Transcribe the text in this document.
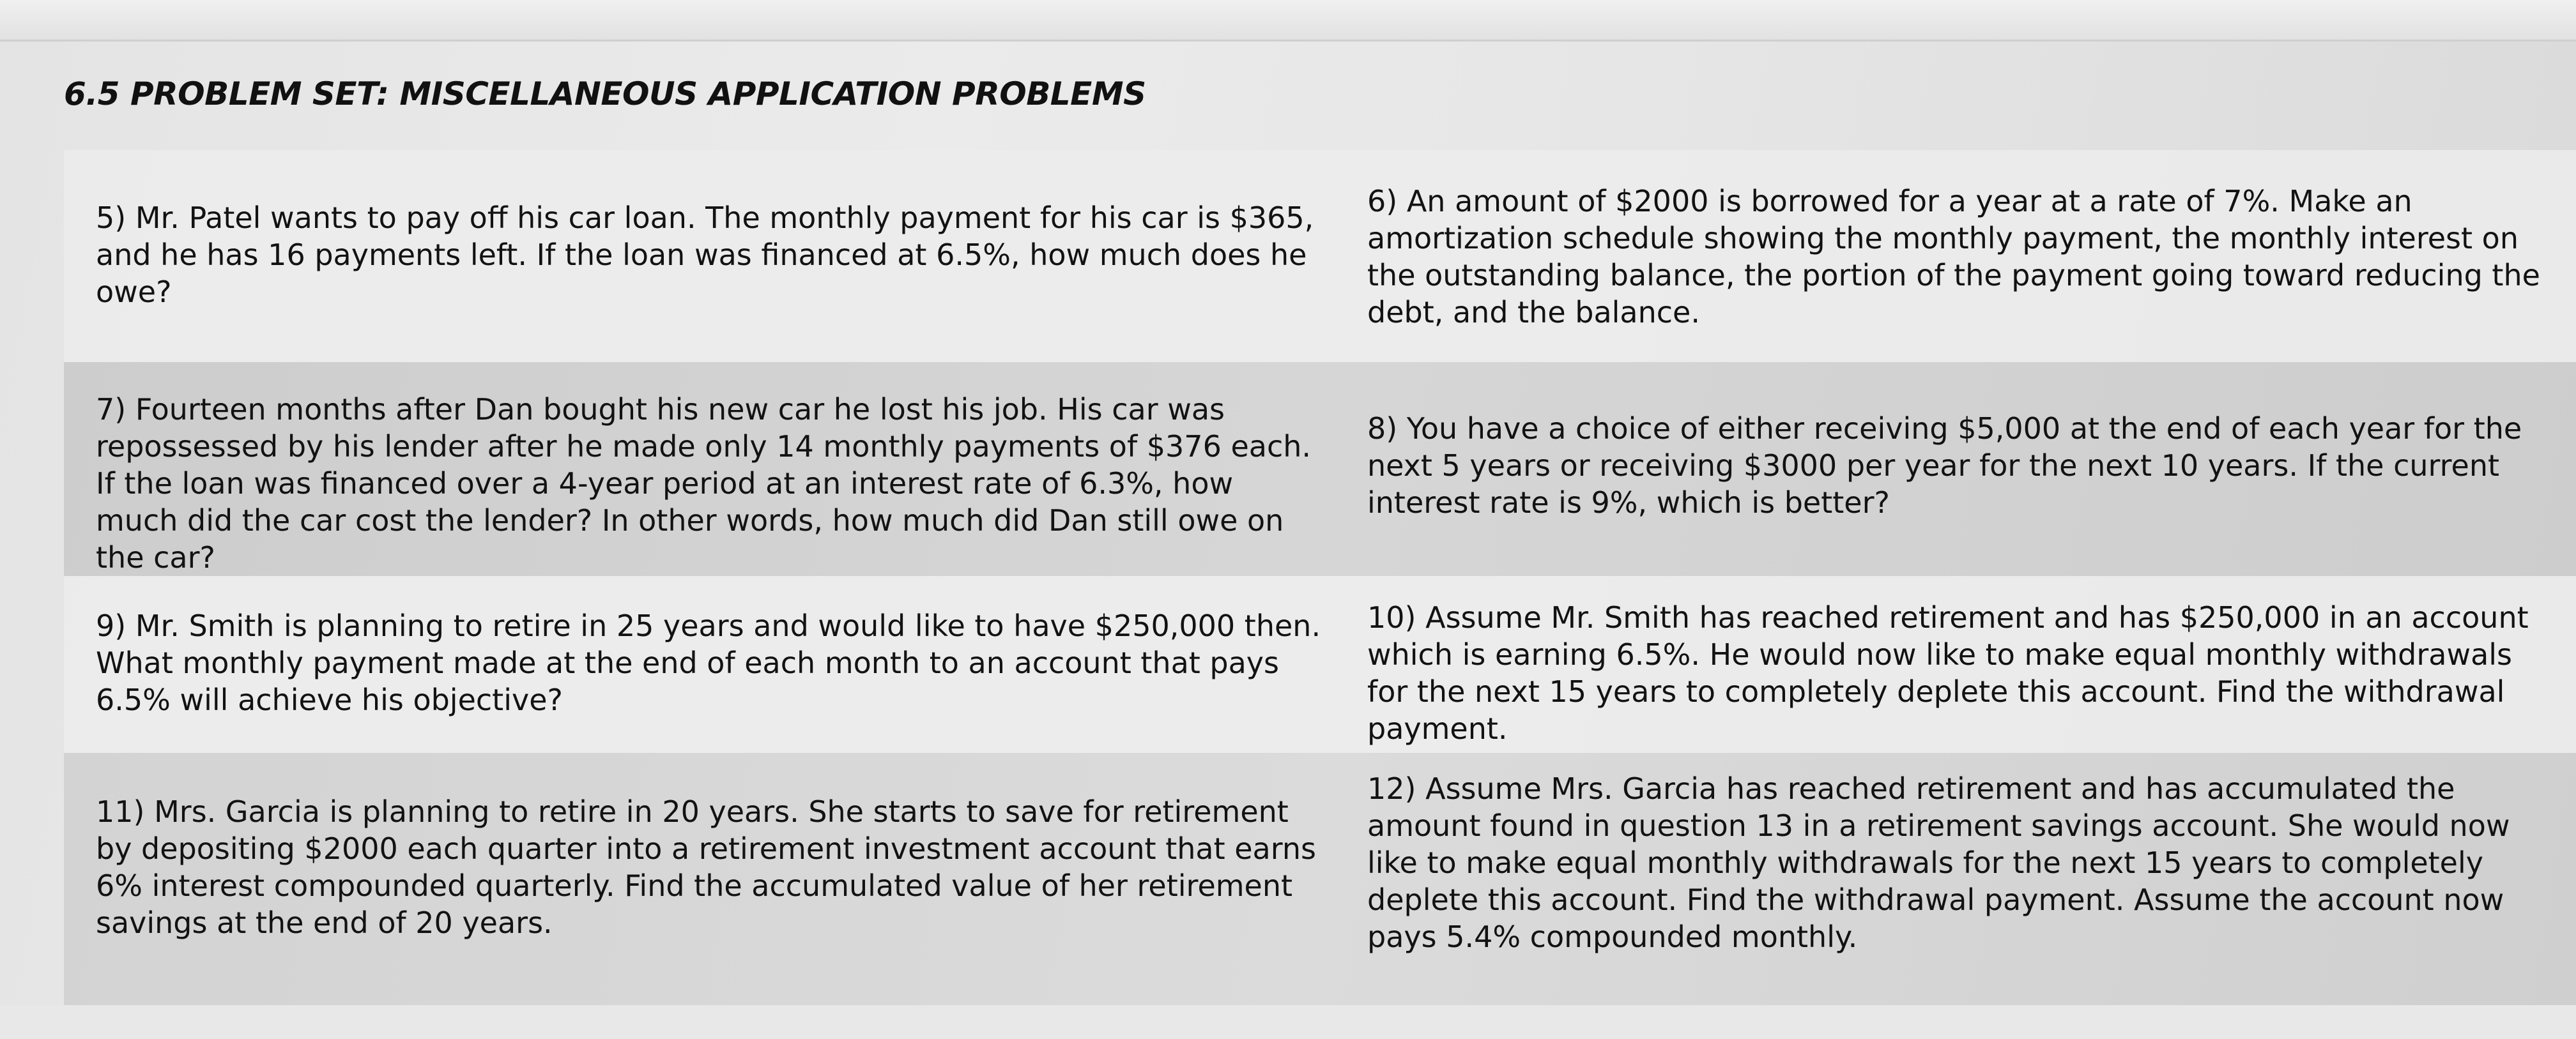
6.5 PROBLEM SET: MISCELLANEOUS APPLICATION PROBLEMS
5) Mr. Patel wants to pay off his car loan. The monthly payment for his car is $365, and he has 16 payments left. If the loan was financed at 6.5%, how much does he owe?
6) An amount of $2000 is borrowed for a year at a rate of 7%. Make an amortization schedule showing the monthly payment, the monthly interest on the outstanding balance, the portion of the payment going toward reducing the debt, and the balance.
7) Fourteen months after Dan bought his new car he lost his job. His car was repossessed by his lender after he made only 14 monthly payments of $376 each. If the loan was financed over a 4-year period at an interest rate of 6.3%, how much did the car cost the lender? In other words, how much did Dan still owe on the car?
8) You have a choice of either receiving $5,000 at the end of each year for the next 5 years or receiving $3000 per year for the next 10 years. If the current interest rate is 9%, which is better?
9) Mr. Smith is planning to retire in 25 years and would like to have $250,000 then. What monthly payment made at the end of each month to an account that pays 6.5% will achieve his objective?
10) Assume Mr. Smith has reached retirement and has $250,000 in an account which is earning 6.5%. He would now like to make equal monthly withdrawals for the next 15 years to completely deplete this account. Find the withdrawal payment.
11) Mrs. Garcia is planning to retire in 20 years. She starts to save for retirement by depositing $2000 each quarter into a retirement investment account that earns 6% interest compounded quarterly. Find the accumulated value of her retirement savings at the end of 20 years.
12) Assume Mrs. Garcia has reached retirement and has accumulated the amount found in question 13 in a retirement savings account. She would now like to make equal monthly withdrawals for the next 15 years to completely deplete this account. Find the withdrawal payment. Assume the account now pays 5.4% compounded monthly.
